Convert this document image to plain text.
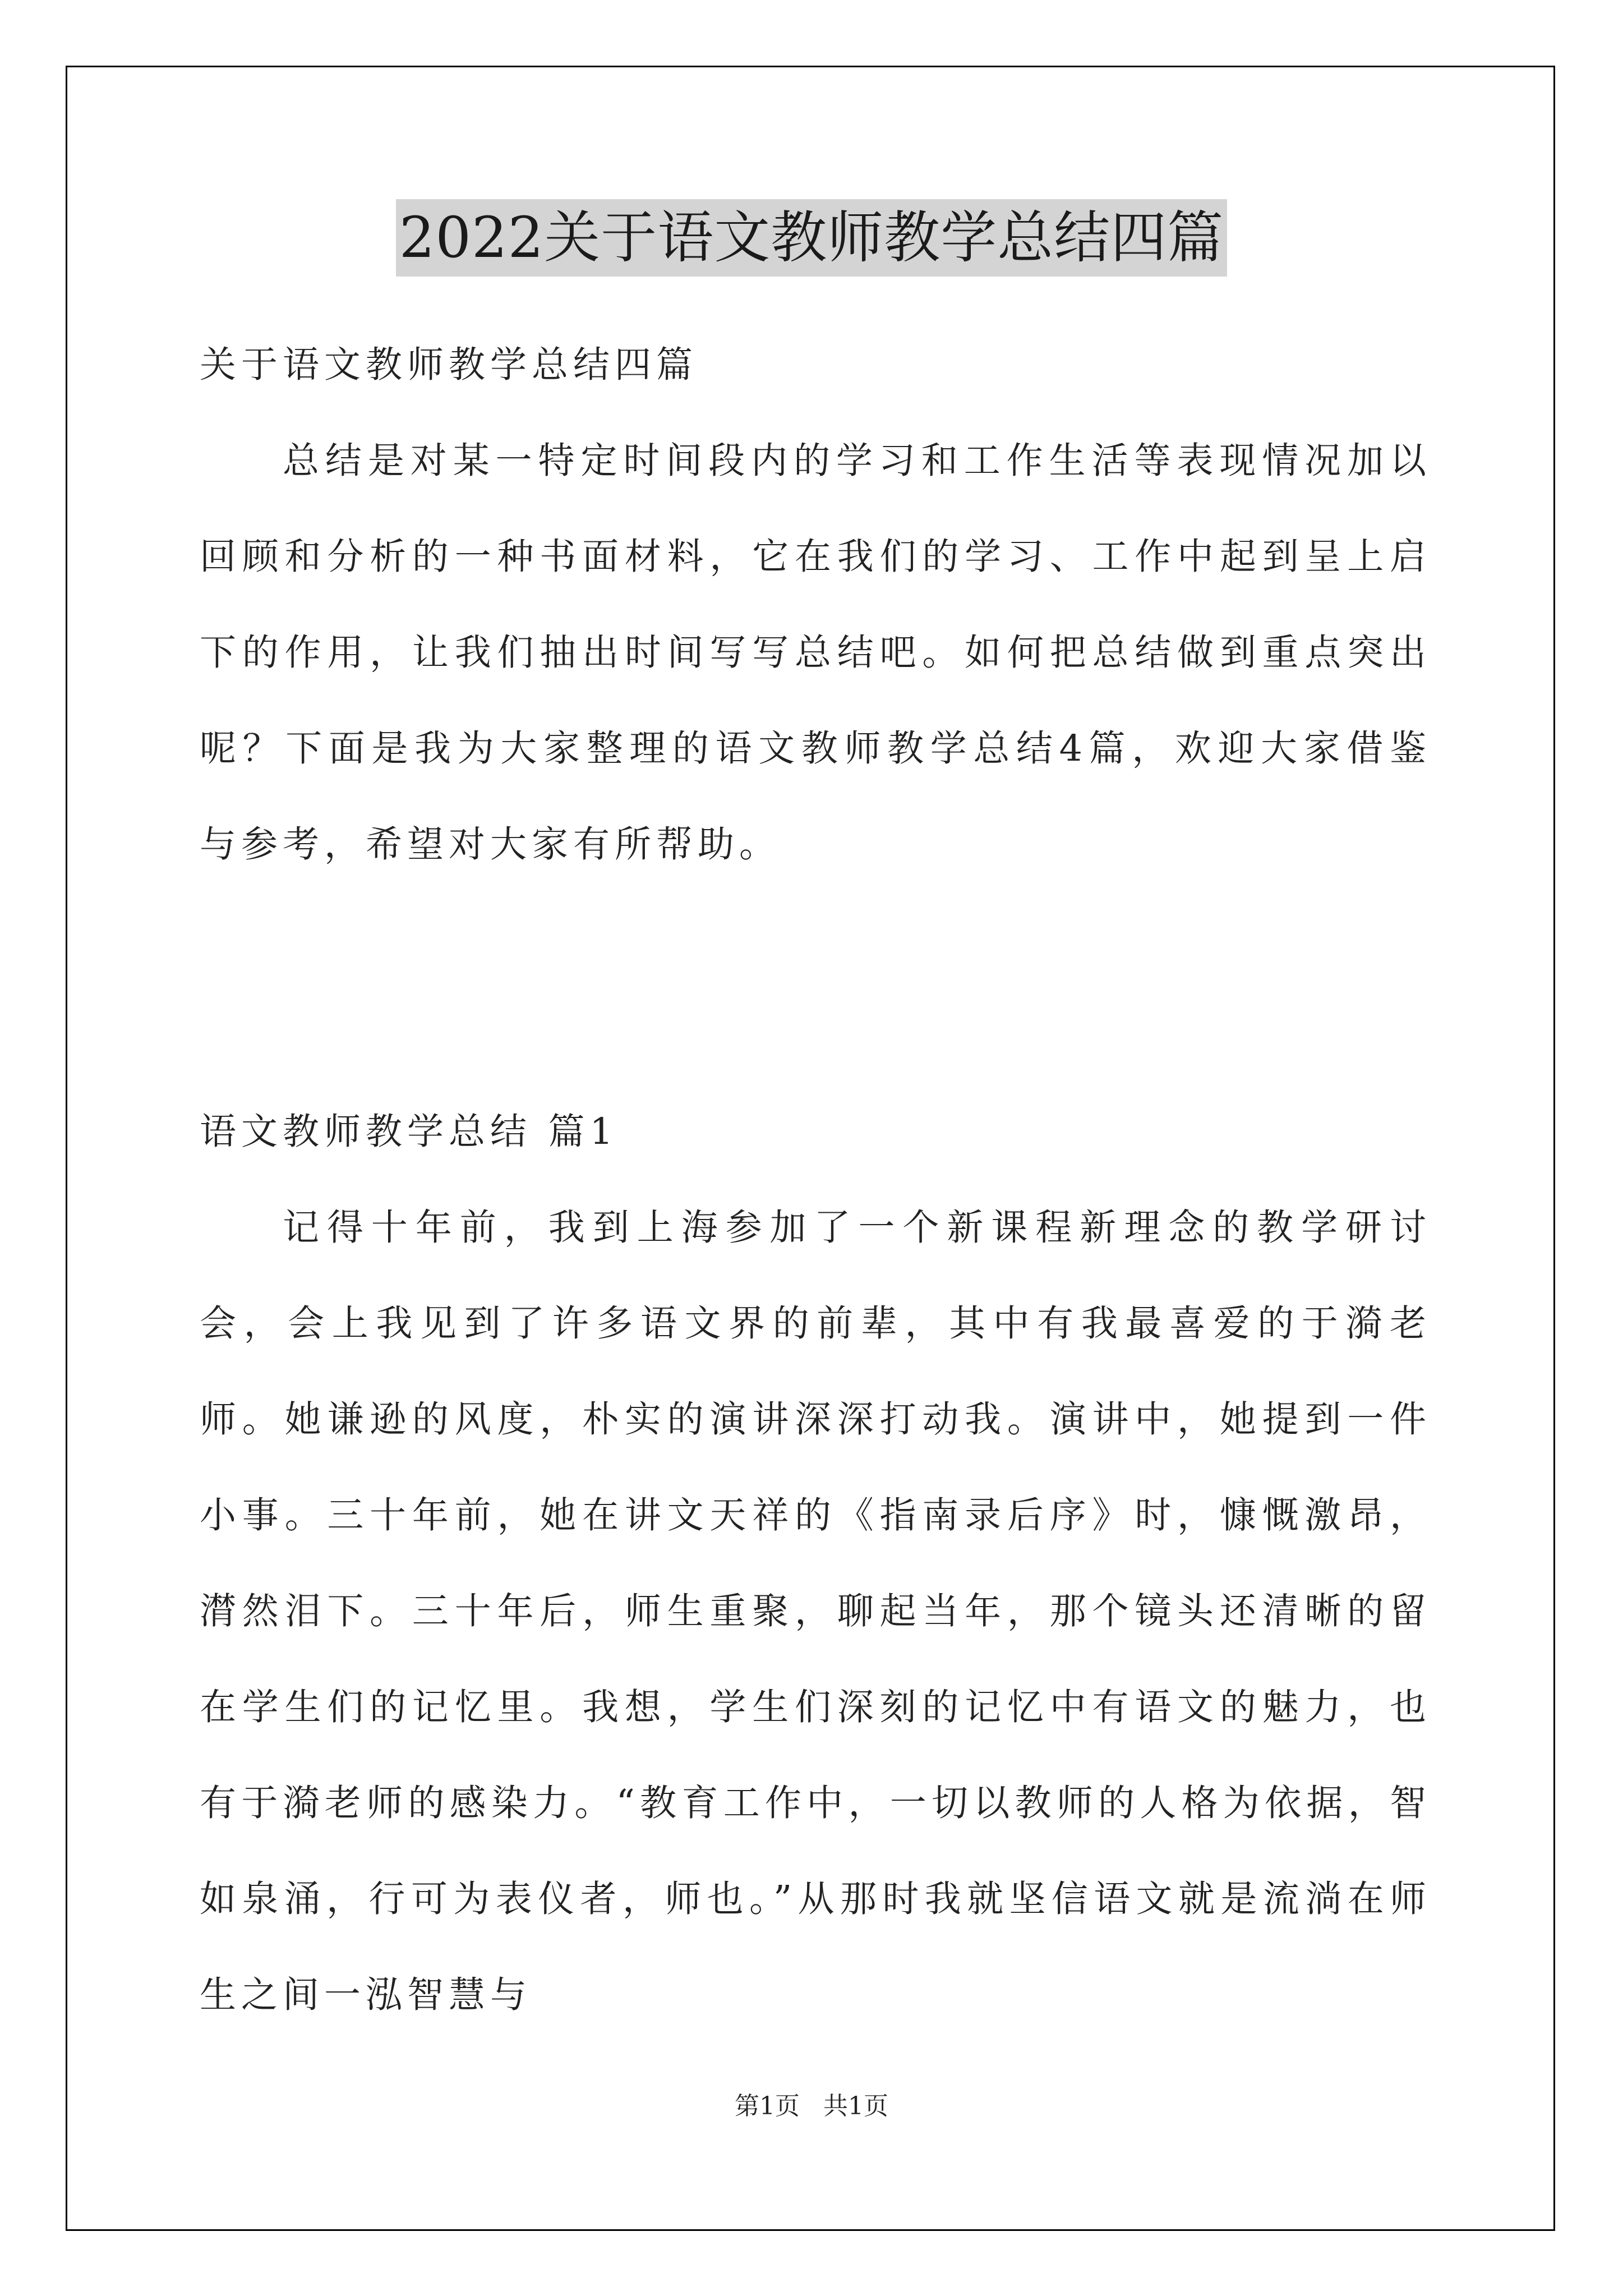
2022关于语文教师教学总结四篇
关于语文教师教学总结四篇
总结是对某一特定时间段内的学习和工作生活等表现情况加以回顾和分析的一种书面材料，它在我们的学习、工作中起到呈上启下的作用，让我们抽出时间写写总结吧。如何把总结做到重点突出呢？下面是我为大家整理的语文教师教学总结4篇，欢迎大家借鉴与参考，希望对大家有所帮助。
语文教师教学总结 篇1
记得十年前，我到上海参加了一个新课程新理念的教学研讨会，会上我见到了许多语文界的前辈，其中有我最喜爱的于漪老师。她谦逊的风度，朴实的演讲深深打动我。演讲中，她提到一件小事。三十年前，她在讲文天祥的《指南录后序》时，慷慨激昂，潸然泪下。三十年后，师生重聚，聊起当年，那个镜头还清晰的留在学生们的记忆里。我想，学生们深刻的记忆中有语文的魅力，也有于漪老师的感染力。“教育工作中，一切以教师的人格为依据，智如泉涌，行可为表仪者，师也。”从那时我就坚信语文就是流淌在师生之间一泓智慧与
第1页 共1页
